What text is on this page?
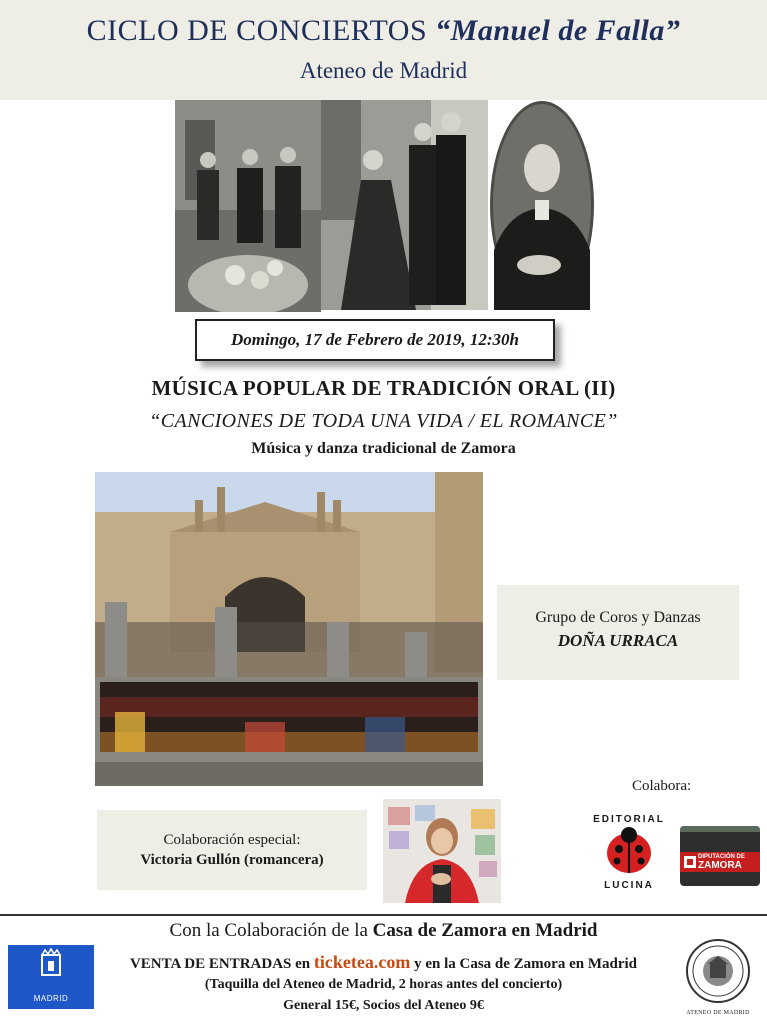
CICLO DE CONCIERTOS “Manuel de Falla”
Ateneo de Madrid
Domingo, 17 de Febrero de 2019, 12:30h
MÚSICA POPULAR DE TRADICIÓN ORAL (II)
“CANCIONES DE TODA UNA VIDA / EL ROMANCE”
Música y danza tradicional de Zamora
Grupo de Coros y Danzas
DOÑA URRACA
Colabora:
Colaboración especial:
Victoria Gullón (romancera)
EDITORIAL
LUCINA
DIPUTACIÓN DE
ZAMORA
Con la Colaboración de la Casa de Zamora en Madrid
VENTA DE ENTRADAS en ticketea.com y en la Casa de Zamora en Madrid
(Taquilla del Ateneo de Madrid, 2 horas antes del concierto)
General 15€, Socios del Ateneo 9€
MADRID
ATENEO DE MADRID
